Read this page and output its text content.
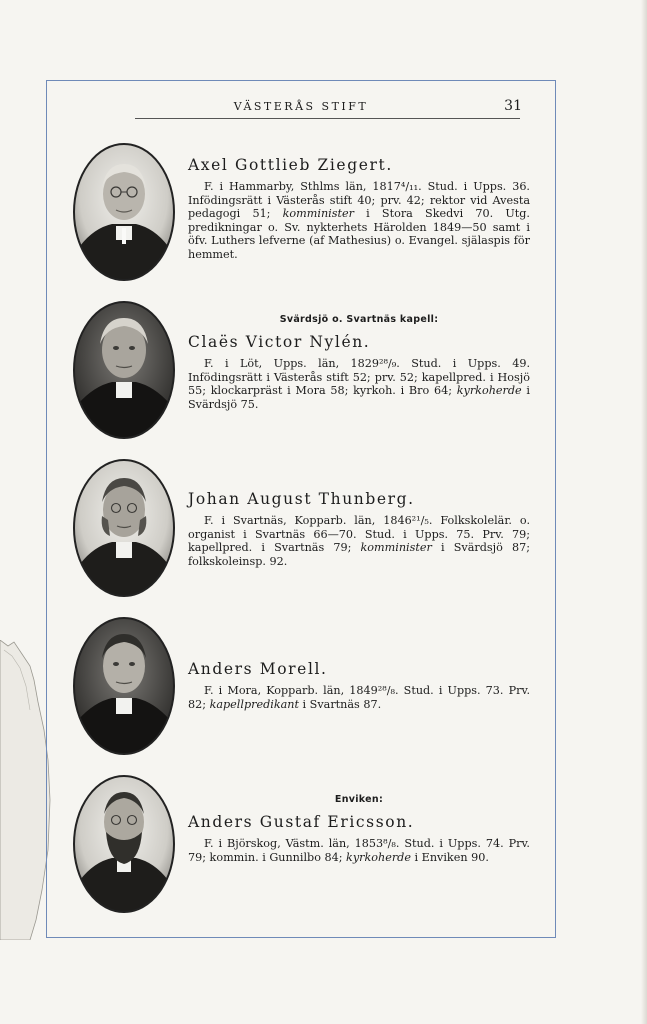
VÄSTERÅS STIFT	31
Axel Gottlieb Ziegert.

F. i Hammarby, Sthlms län, 1817⁴/₁₁. Stud. i Upps. 36. Infödingsrätt i Västerås stift 40; prv. 42; rektor vid Avesta pedagogi 51; komminister i Stora Skedvi 70. Utg. predikningar o. Sv. nykterhets Härolden 1849—50 samt i öfv. Luthers lefverne (af Mathesius) o. Evangel. själaspis för hemmet.

Svärdsjö o. Svartnäs kapell:
Claës Victor Nylén.

F. i Löt, Upps. län, 1829²⁸/₉. Stud. i Upps. 49. Infödingsrätt i Västerås stift 52; prv. 52; kapellpred. i Hosjö 55; klockarpräst i Mora 58; kyrkoh. i Bro 64; kyrkoherde i Svärdsjö 75.

Johan August Thunberg.

F. i Svartnäs, Kopparb. län, 1846²¹/₅. Folkskolelär. o. organist i Svartnäs 66—70. Stud. i Upps. 75. Prv. 79; kapellpred. i Svartnäs 79; komminister i Svärdsjö 87; folkskoleinsp. 92.

Anders Morell.

F. i Mora, Kopparb. län, 1849²⁸/₈. Stud. i Upps. 73. Prv. 82; kapellpredikant i Svartnäs 87.

Enviken:
Anders Gustaf Ericsson.

F. i Björskog, Västm. län, 1853⁸/₈. Stud. i Upps. 74. Prv. 79; kommin. i Gunnilbo 84; kyrkoherde i Enviken 90.
